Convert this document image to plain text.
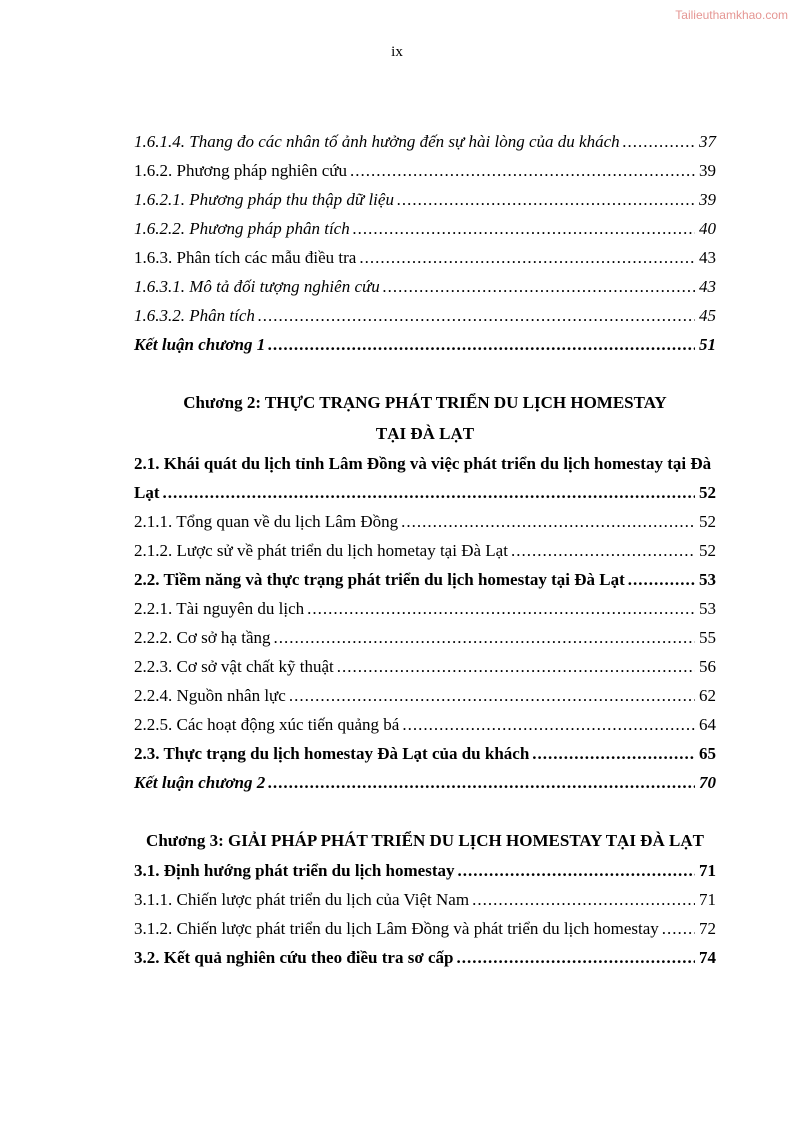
Tailieuthamkhao.com
ix
1.6.1.4. Thang đo các nhân tố ảnh hưởng đến sự hài lòng của du khách .....	37
1.6.2. Phương pháp nghiên cứu .....	39
1.6.2.1. Phương pháp thu thập dữ liệu .....	39
1.6.2.2. Phương pháp phân tích .....	40
1.6.3. Phân tích các mẫu điều tra .....	43
1.6.3.1. Mô tả đối tượng nghiên cứu .....	43
1.6.3.2. Phân tích .....	45
Kết luận chương 1 .....	51
Chương 2: THỰC TRẠNG PHÁT TRIỂN DU LỊCH HOMESTAY
TẠI ĐÀ LẠT
2.1. Khái quát du lịch tỉnh Lâm Đồng và việc phát triển du lịch homestay tại Đà
Lạt .....	52
2.1.1. Tổng quan về du lịch Lâm Đồng .....	52
2.1.2. Lược sử về phát triển du lịch hometay tại Đà Lạt .....	52
2.2. Tiềm năng và thực trạng phát triển du lịch homestay tại Đà Lạt .....	53
2.2.1. Tài nguyên du lịch .....	53
2.2.2. Cơ sở hạ tầng .....	55
2.2.3. Cơ sở vật chất kỹ thuật .....	56
2.2.4. Nguồn nhân lực .....	62
2.2.5. Các hoạt động xúc tiến quảng bá .....	64
2.3. Thực trạng du lịch homestay Đà Lạt của du khách .....	65
Kết luận chương 2 .....	70
Chương 3: GIẢI PHÁP PHÁT TRIỂN DU LỊCH HOMESTAY TẠI ĐÀ LẠT
3.1. Định hướng phát triển du lịch homestay .....	71
3.1.1. Chiến lược phát triển du lịch của Việt Nam .....	71
3.1.2. Chiến lược phát triển du lịch Lâm Đồng và phát triển du lịch homestay ..... 72
3.2. Kết quả nghiên cứu theo điều tra sơ cấp .....	74
